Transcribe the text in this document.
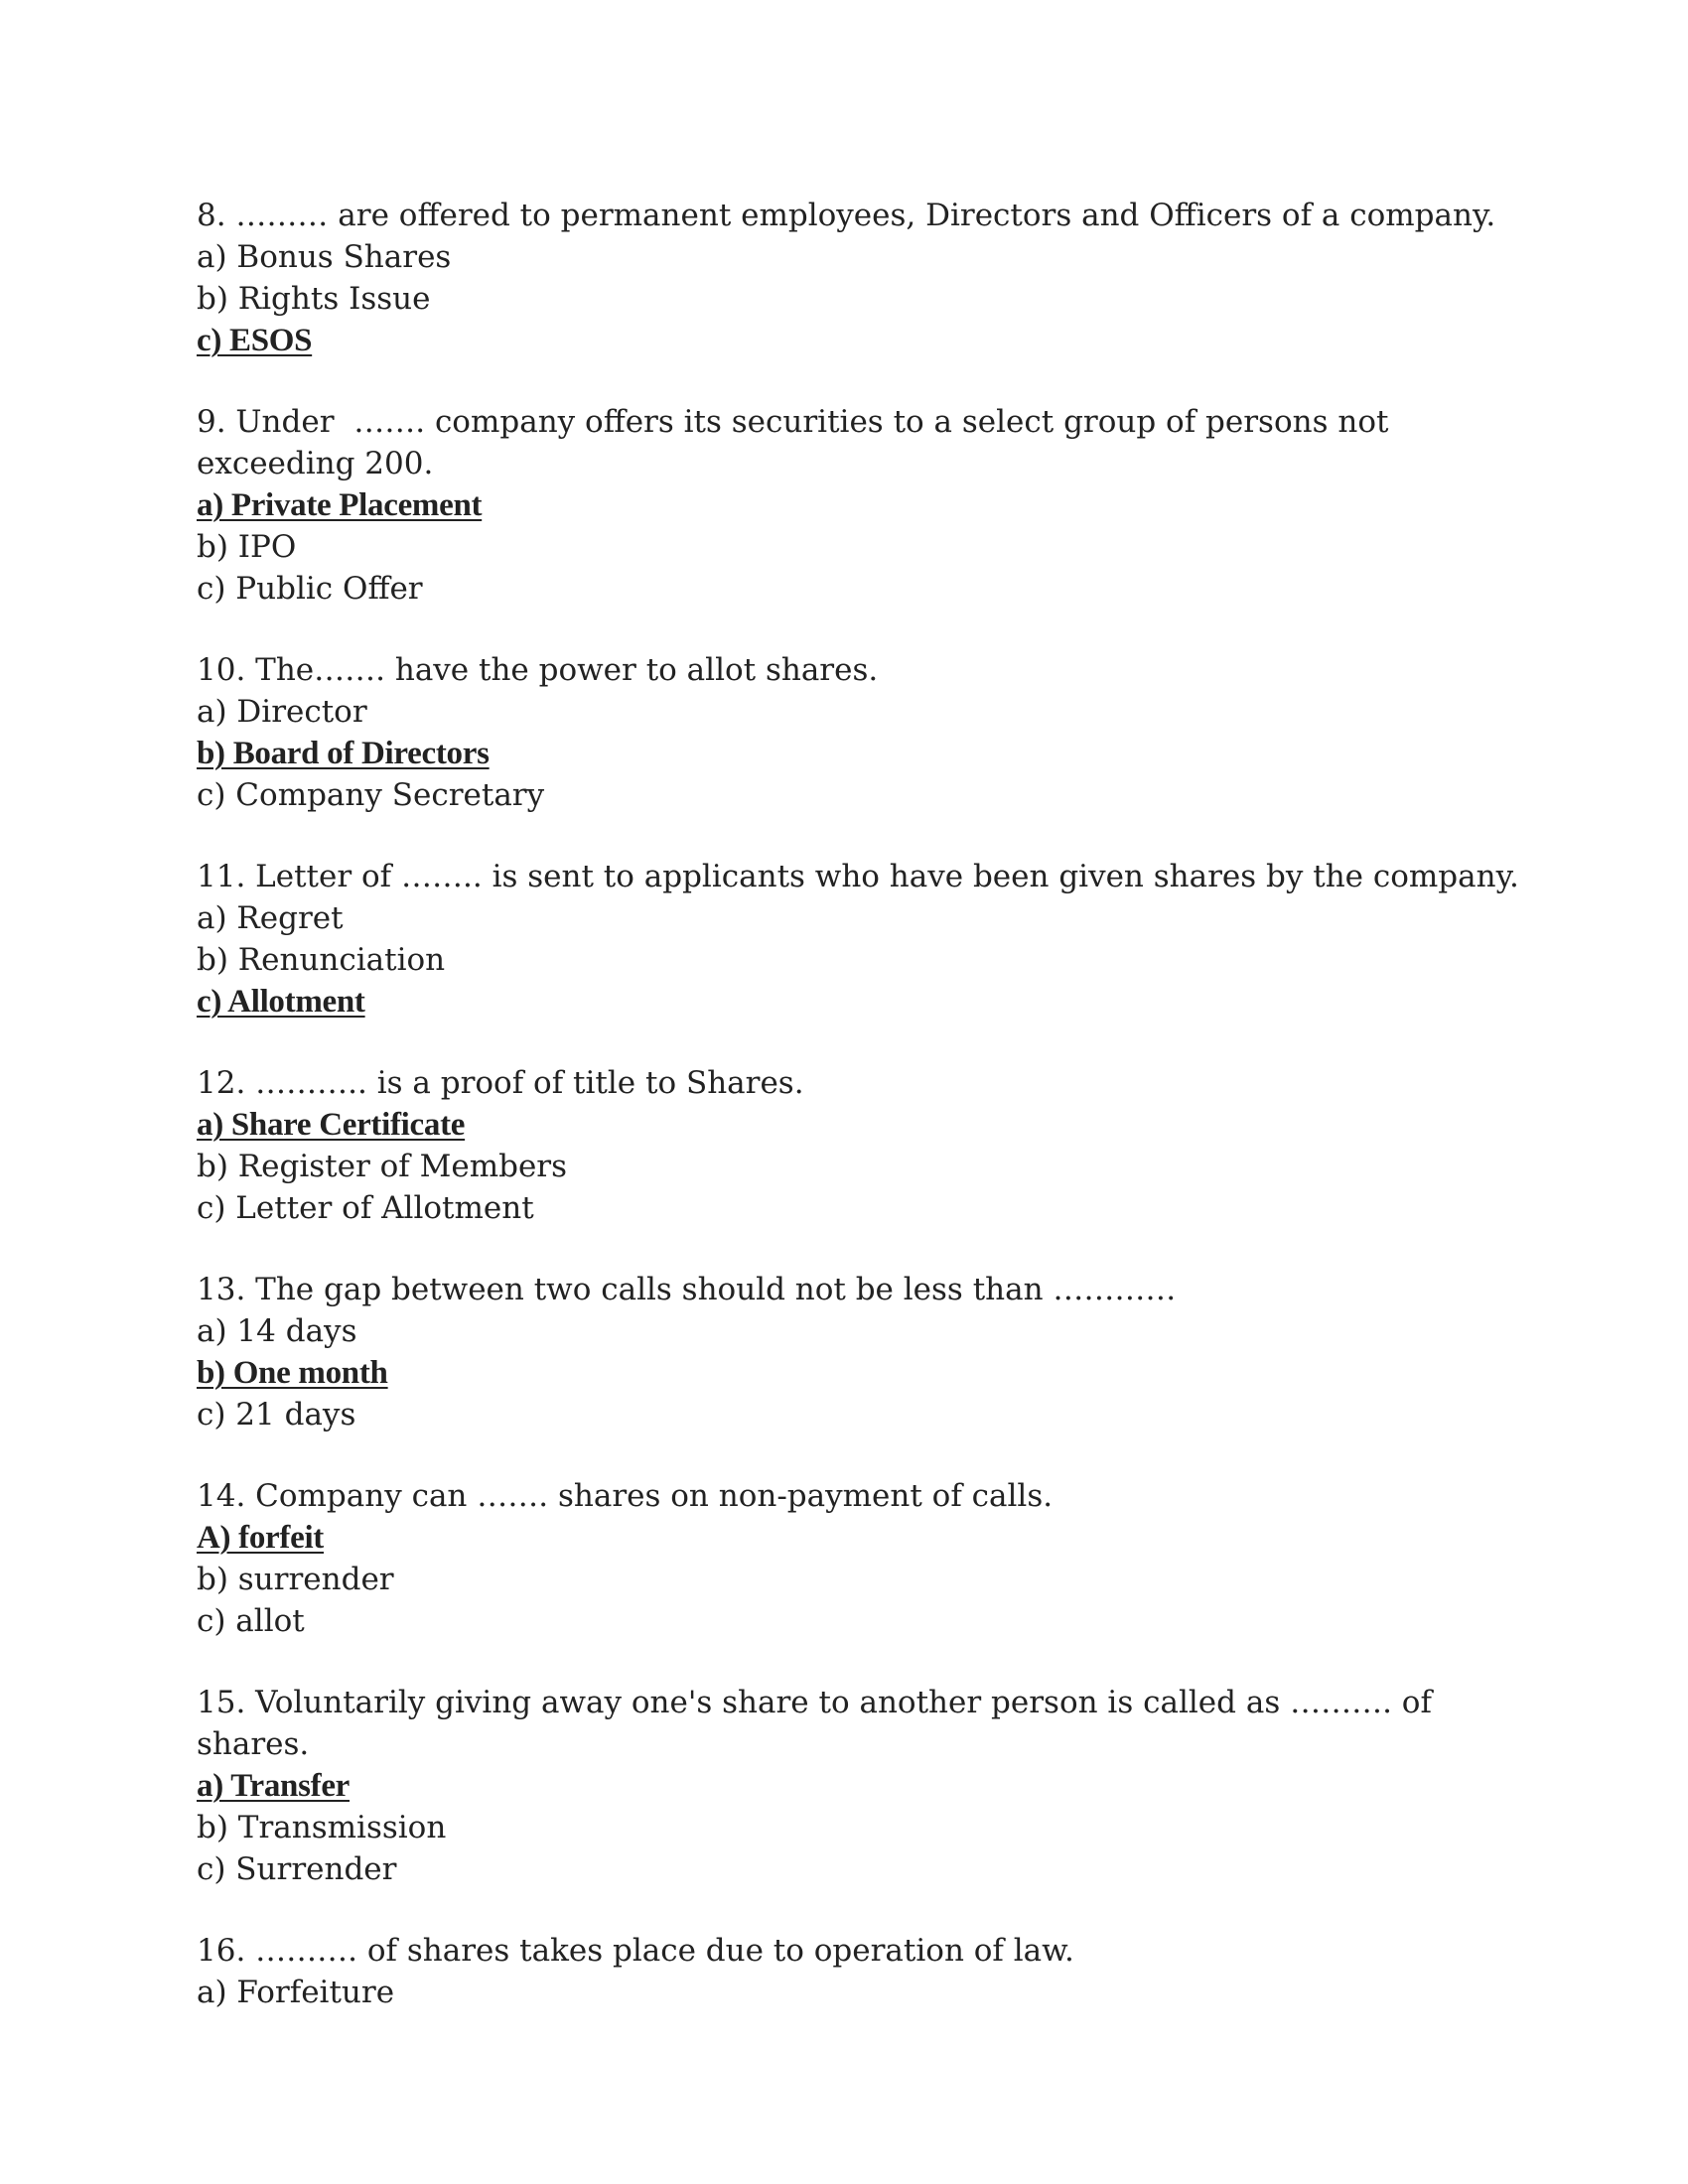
8. ……… are offered to permanent employees, Directors and Officers of a company.
a) Bonus Shares
b) Rights Issue
c) ESOS
9. Under  ……. company offers its securities to a select group of persons not
exceeding 200.
a) Private Placement
b) IPO
c) Public Offer
10. The……. have the power to allot shares.
a) Director
b) Board of Directors
c) Company Secretary
11. Letter of …….. is sent to applicants who have been given shares by the company.
a) Regret
b) Renunciation
c) Allotment
12. ……….. is a proof of title to Shares.
a) Share Certificate
b) Register of Members
c) Letter of Allotment
13. The gap between two calls should not be less than …………
a) 14 days
b) One month
c) 21 days
14. Company can ……. shares on non-payment of calls.
A) forfeit
b) surrender
c) allot
15. Voluntarily giving away one's share to another person is called as ………. of shares.
a) Transfer
b) Transmission
c) Surrender
16. ………. of shares takes place due to operation of law.
a) Forfeiture
